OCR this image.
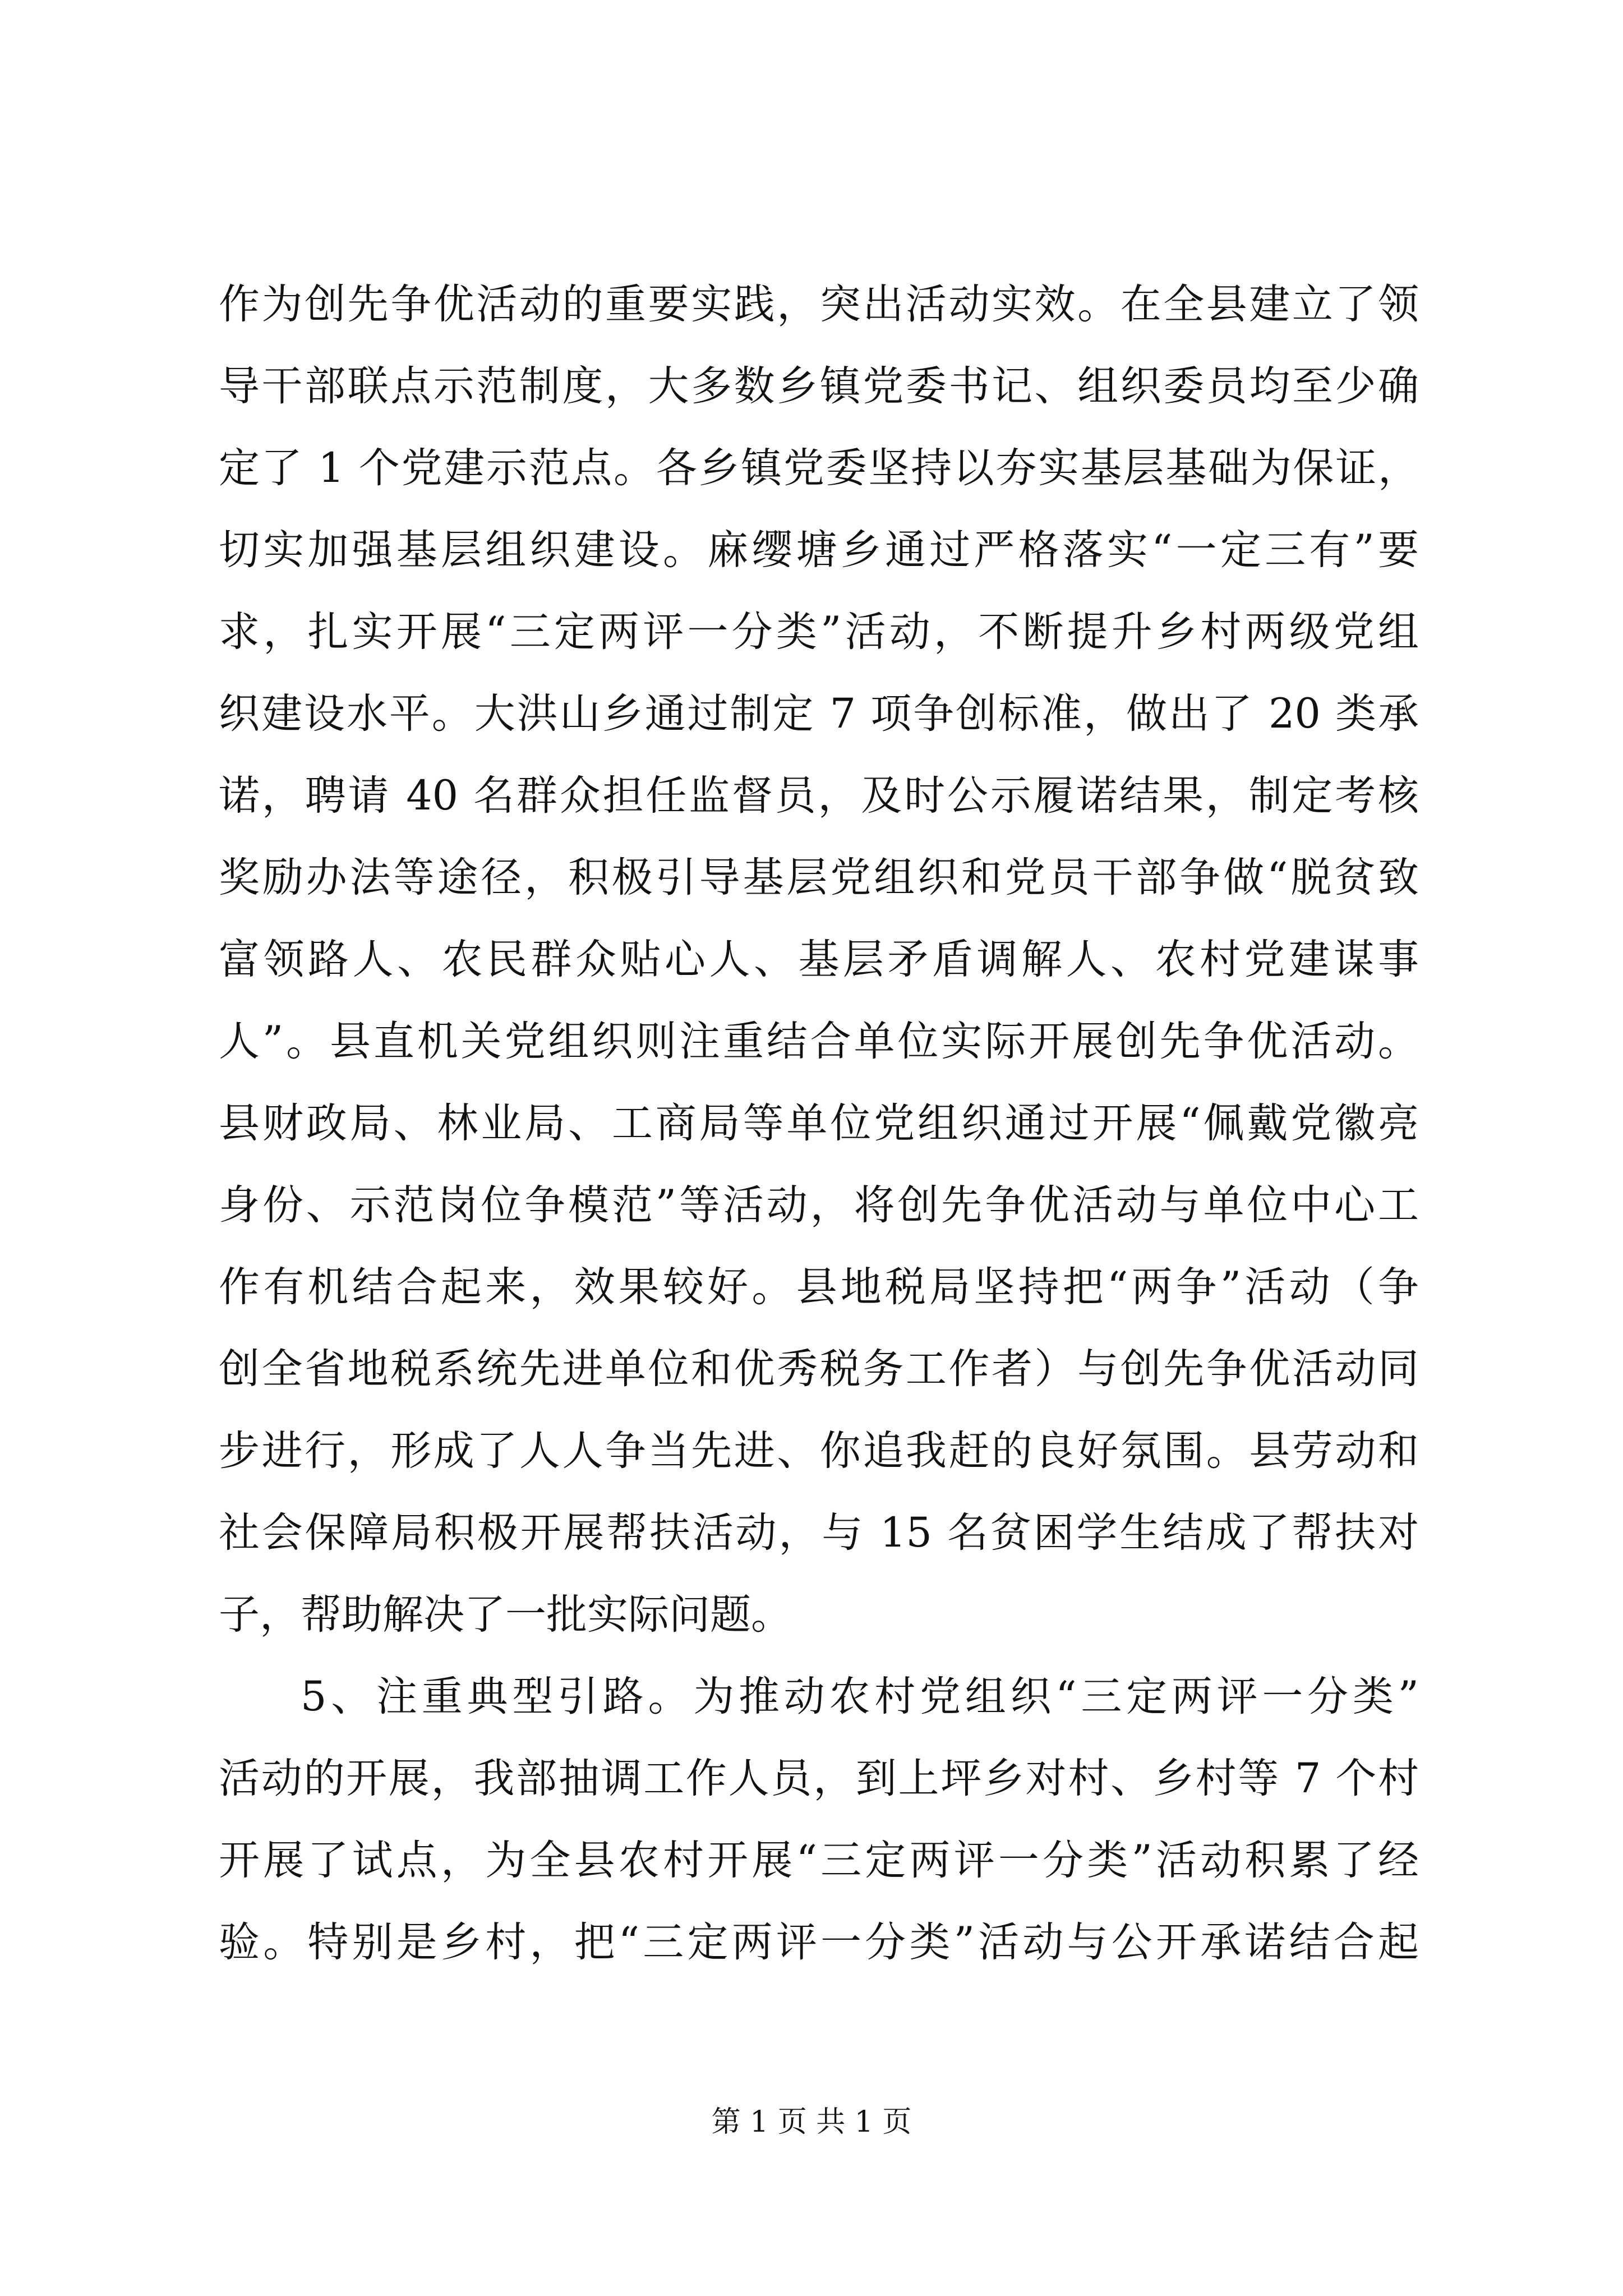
作为创先争优活动的重要实践，突出活动实效。在全县建立了领
导干部联点示范制度，大多数乡镇党委书记、组织委员均至少确
定了 1 个党建示范点。各乡镇党委坚持以夯实基层基础为保证，
切实加强基层组织建设。麻缨塘乡通过严格落实“一定三有”要
求，扎实开展“三定两评一分类”活动，不断提升乡村两级党组
织建设水平。大洪山乡通过制定 7 项争创标准，做出了 20 类承
诺，聘请 40 名群众担任监督员，及时公示履诺结果，制定考核
奖励办法等途径，积极引导基层党组织和党员干部争做“脱贫致
富领路人、农民群众贴心人、基层矛盾调解人、农村党建谋事
人”。县直机关党组织则注重结合单位实际开展创先争优活动。
县财政局、林业局、工商局等单位党组织通过开展“佩戴党徽亮
身份、示范岗位争模范”等活动，将创先争优活动与单位中心工
作有机结合起来，效果较好。县地税局坚持把“两争”活动（争
创全省地税系统先进单位和优秀税务工作者）与创先争优活动同
步进行，形成了人人争当先进、你追我赶的良好氛围。县劳动和
社会保障局积极开展帮扶活动，与 15 名贫困学生结成了帮扶对
子，帮助解决了一批实际问题。
5、注重典型引路。为推动农村党组织“三定两评一分类”
活动的开展，我部抽调工作人员，到上坪乡对村、乡村等 7 个村
开展了试点，为全县农村开展“三定两评一分类”活动积累了经
验。特别是乡村，把“三定两评一分类”活动与公开承诺结合起
第 1 页 共 1 页
